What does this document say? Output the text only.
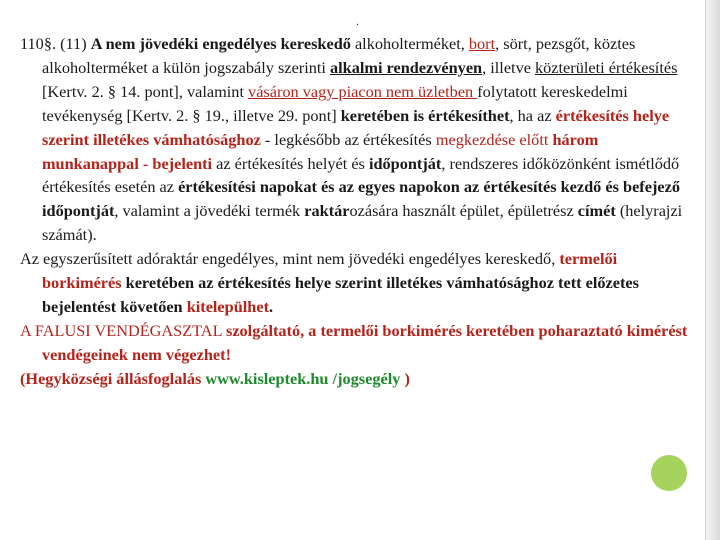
.

110§. (11) A nem jövedéki engedélyes kereskedő alkoholterméket, bort, sört, pezsgőt, köztes alkoholterméket a külön jogszabály szerinti alkalmi rendezvényen, illetve közterületi értékesítés [Kertv. 2. § 14. pont], valamint vásáron vagy piacon nem üzletben folytatott kereskedelmi tevékenység [Kertv. 2. § 19., illetve 29. pont] keretében is értékesíthet, ha az értékesítés helye szerint illetékes vámhatósághoz - legkésőbb az értékesítés megkezdése előtt három munkanappal - bejelenti az értékesítés helyét és időpontját, rendszeres időközönként ismétlődő értékesítés esetén az értékesítési napokat és az egyes napokon az értékesítés kezdő és befejező időpontját, valamint a jövedéki termék raktározására használt épület, épületrész címét (helyrajzi számát).

Az egyszerűsített adóraktár engedélyes, mint nem jövedéki engedélyes kereskedő, termelői borkimérés keretében az értékesítés helye szerint illetékes vámhatósághoz tett előzetes bejelentést követően kitelepülhet.

A FALUSI VENDÉGASZTAL szolgáltató, a termelői borkimérés keretében poharaztató kimérést vendégeinek nem végezhet!

(Hegyközségi állásfoglalás www.kisleptek.hu /jogsegély )
